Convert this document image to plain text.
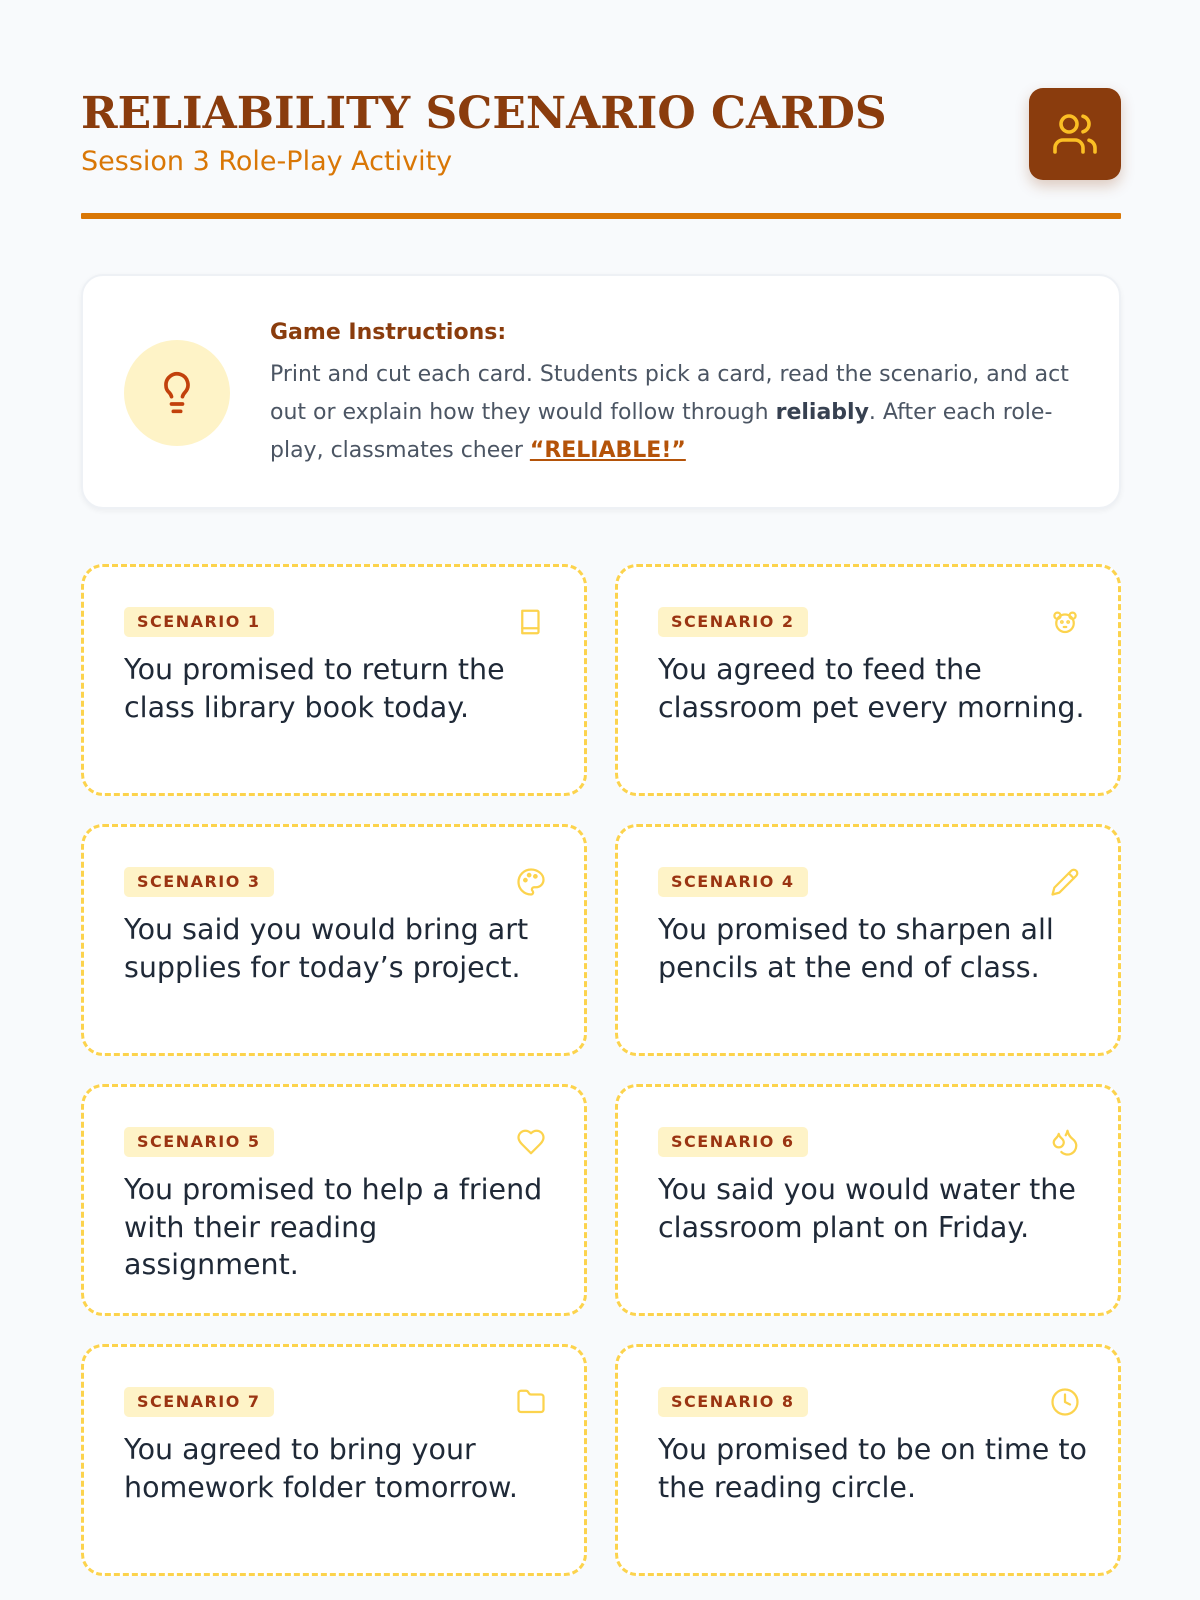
RELIABILITY SCENARIO CARDS
Session 3 Role-Play Activity
Game Instructions:

Print and cut each card. Students pick a card, read the scenario, and act out or explain how they would follow through reliably. After each role-play, classmates cheer “RELIABLE!”

SCENARIO 1

You promised to return the class library book today.

SCENARIO 2

You agreed to feed the classroom pet every morning.

SCENARIO 3

You said you would bring art supplies for today’s project.

SCENARIO 4

You promised to sharpen all pencils at the end of class.

SCENARIO 5

You promised to help a friend with their reading assignment.

SCENARIO 6

You said you would water the classroom plant on Friday.

SCENARIO 7

You agreed to bring your homework folder tomorrow.

SCENARIO 8

You promised to be on time to the reading circle.
